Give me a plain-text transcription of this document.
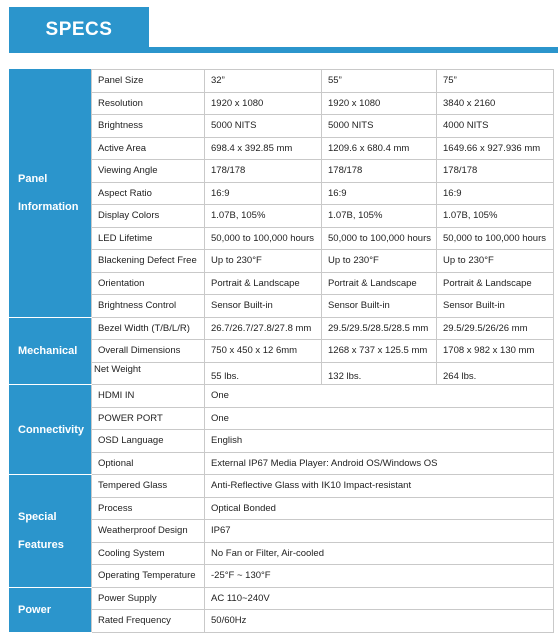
SPECS
Panel Information	Panel Size	32”	55”	75”
	Resolution	1920 x 1080	1920 x 1080	3840 x 2160
	Brightness	5000 NITS	5000 NITS	4000 NITS
	Active Area	698.4 x 392.85 mm	1209.6 x 680.4 mm	1649.66 x 927.936 mm
	Viewing Angle	178/178	178/178	178/178
	Aspect Ratio	16:9	16:9	16:9
	Display Colors	1.07B, 105%	1.07B, 105%	1.07B, 105%
	LED Lifetime	50,000 to 100,000 hours	50,000 to 100,000 hours	50,000 to 100,000 hours
	Blackening Defect Free	Up to 230°F	Up to 230°F	Up to 230°F
	Orientation	Portrait & Landscape	Portrait & Landscape	Portrait & Landscape
	Brightness Control	Sensor Built-in	Sensor Built-in	Sensor Built-in
Mechanical	Bezel Width (T/B/L/R)	26.7/26.7/27.8/27.8 mm	29.5/29.5/28.5/28.5 mm	29.5/29.5/26/26 mm
	Overall Dimensions	750 x 450 x 12 6mm	1268 x 737 x 125.5 mm	1708 x 982 x 130 mm
	Net Weight	55 lbs.	132 lbs.	264 lbs.
Connectivity	HDMI IN	One		
	POWER PORT	One		
	OSD Language	English		
	Optional	External IP67 Media Player: Android OS/Windows OS		
Special Features	Tempered Glass	Anti-Reflective Glass with IK10 Impact-resistant		
	Process	Optical Bonded		
	Weatherproof Design	IP67		
	Cooling System	No Fan or Filter, Air-cooled		
	Operating Temperature	-25°F ~ 130°F		
Power	Power Supply	AC 110~240V		
	Rated Frequency	50/60Hz		
